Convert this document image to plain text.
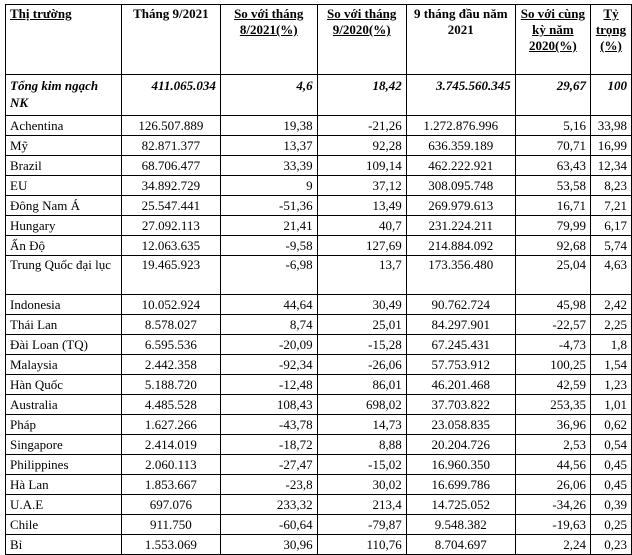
Thị trường	Tháng 9/2021	So với tháng 8/2021(%)	So với tháng 9/2020(%)	9 tháng đầu năm 2021	So với cùng kỳ năm 2020(%)	Tỷ trọng (%)
Tổng kim ngạch NK	411.065.034	4,6	18,42	3.745.560.345	29,67	100
Achentina	126.507.889	19,38	-21,26	1.272.876.996	5,16	33,98
Mỹ	82.871.377	13,37	92,28	636.359.189	70,71	16,99
Brazil	68.706.477	33,39	109,14	462.222.921	63,43	12,34
EU	34.892.729	9	37,12	308.095.748	53,58	8,23
Đông Nam Á	25.547.441	-51,36	13,49	269.979.613	16,71	7,21
Hungary	27.092.113	21,41	40,7	231.224.211	79,99	6,17
Ấn Độ	12.063.635	-9,58	127,69	214.884.092	92,68	5,74
Trung Quốc đại lục	19.465.923	-6,98	13,7	173.356.480	25,04	4,63
Indonesia	10.052.924	44,64	30,49	90.762.724	45,98	2,42
Thái Lan	8.578.027	8,74	25,01	84.297.901	-22,57	2,25
Đài Loan (TQ)	6.595.536	-20,09	-15,28	67.245.431	-4,73	1,8
Malaysia	2.442.358	-92,34	-26,06	57.753.912	100,25	1,54
Hàn Quốc	5.188.720	-12,48	86,01	46.201.468	42,59	1,23
Australia	4.485.528	108,43	698,02	37.703.822	253,35	1,01
Pháp	1.627.266	-43,78	14,73	23.058.835	36,96	0,62
Singapore	2.414.019	-18,72	8,88	20.204.726	2,53	0,54
Philippines	2.060.113	-27,47	-15,02	16.960.350	44,56	0,45
Hà Lan	1.853.667	-23,8	30,02	16.699.786	26,06	0,45
U.A.E	697.076	233,32	213,4	14.725.052	-34,26	0,39
Chile	911.750	-60,64	-79,87	9.548.382	-19,63	0,25
Bỉ	1.553.069	30,96	110,76	8.704.697	2,24	0,23
